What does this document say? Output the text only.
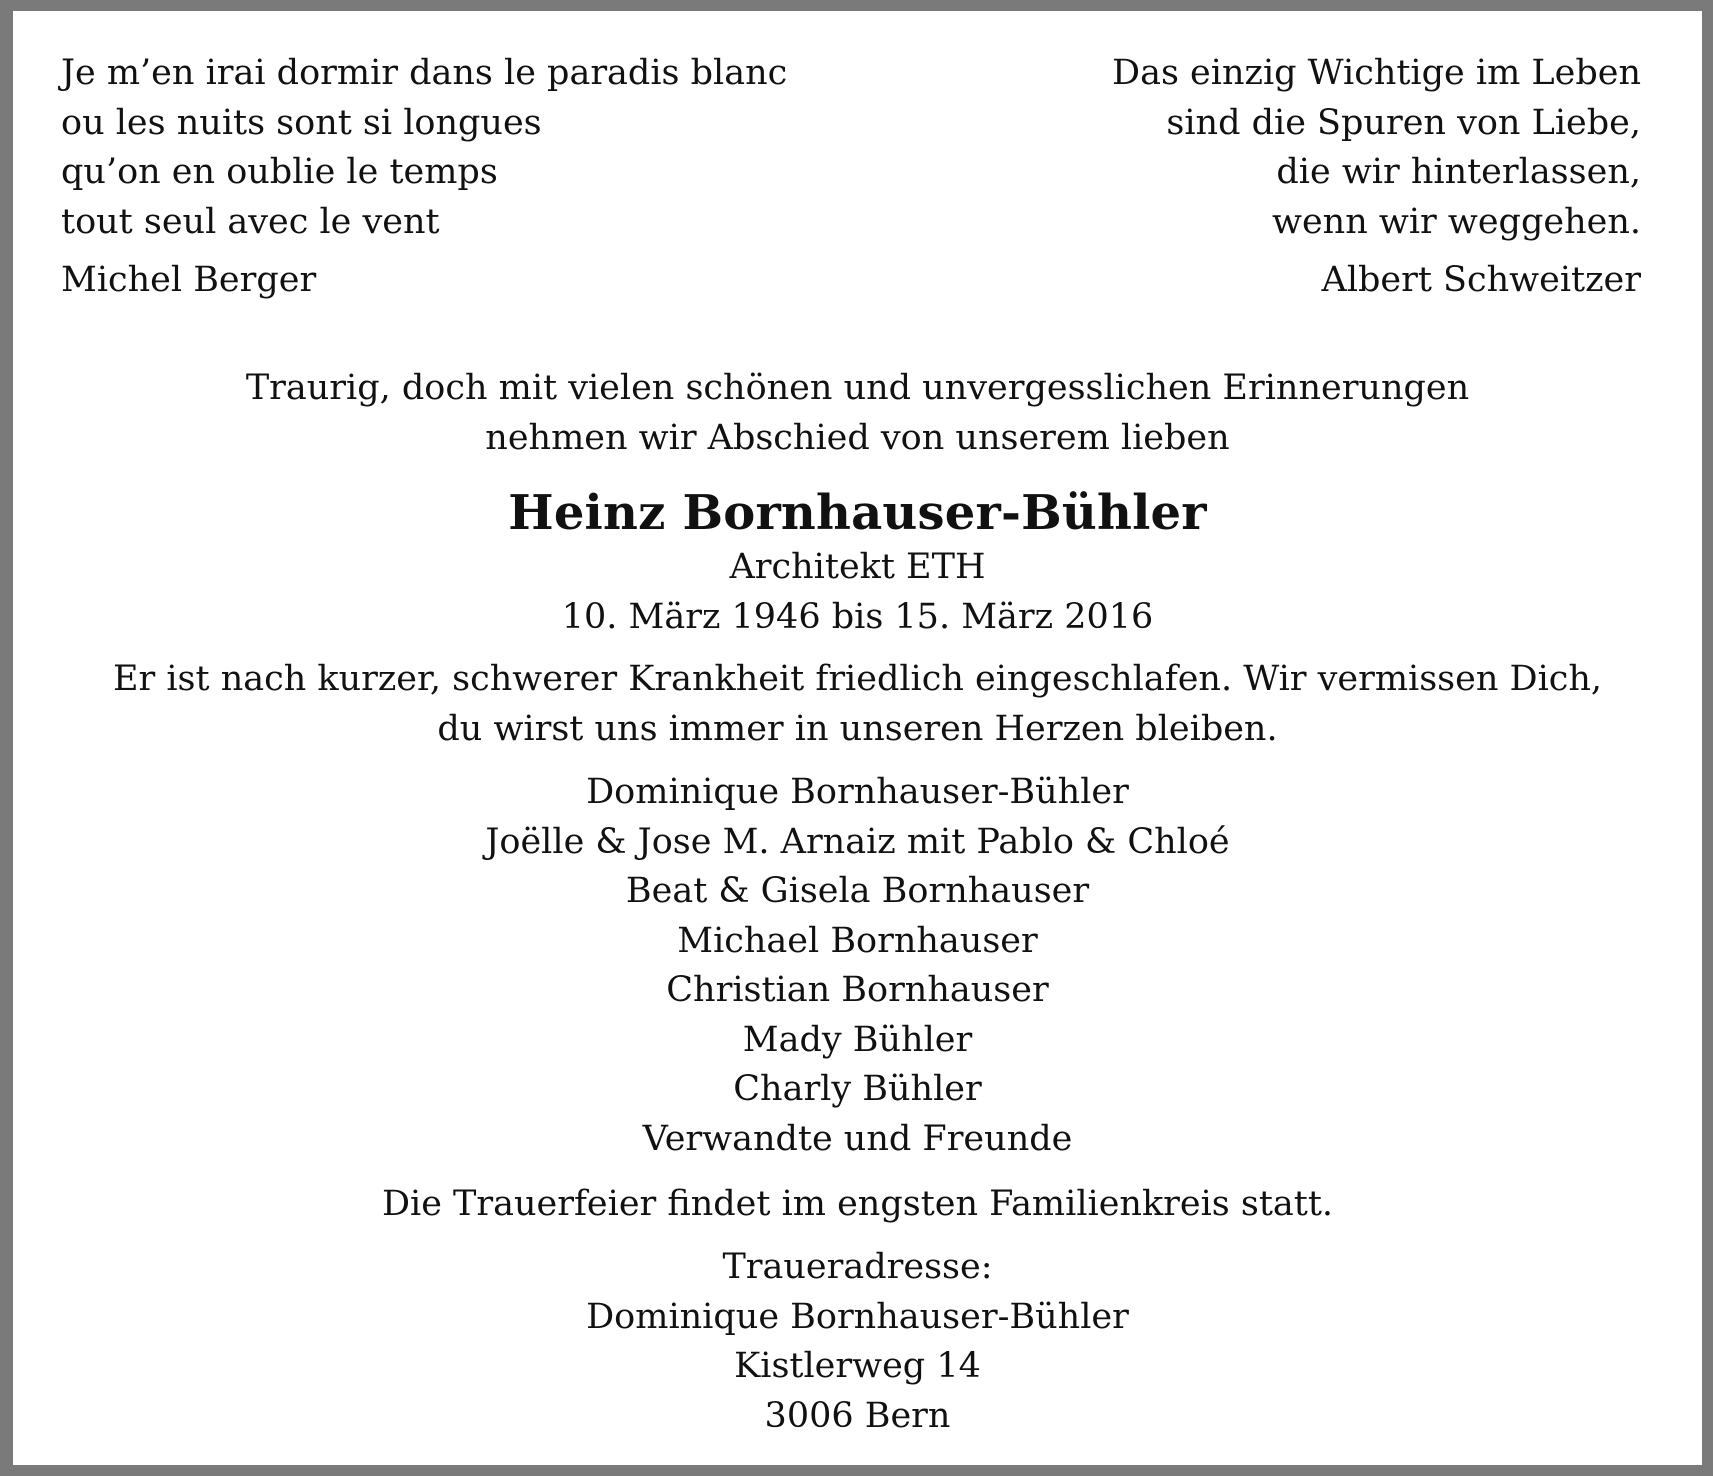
Je m’en irai dormir dans le paradis blanc
ou les nuits sont si longues
qu’on en oublie le temps
tout seul avec le vent
Michel Berger
Das einzig Wichtige im Leben
sind die Spuren von Liebe,
die wir hinterlassen,
wenn wir weggehen.
Albert Schweitzer
Traurig, doch mit vielen schönen und unvergesslichen Erinnerungen
nehmen wir Abschied von unserem lieben
Heinz Bornhauser-Bühler
Architekt ETH
10. März 1946 bis 15. März 2016
Er ist nach kurzer, schwerer Krankheit friedlich eingeschlafen. Wir vermissen Dich,
du wirst uns immer in unseren Herzen bleiben.
Dominique Bornhauser-Bühler
Joëlle & Jose M. Arnaiz mit Pablo & Chloé
Beat & Gisela Bornhauser
Michael Bornhauser
Christian Bornhauser
Mady Bühler
Charly Bühler
Verwandte und Freunde
Die Trauerfeier findet im engsten Familienkreis statt.
Traueradresse:
Dominique Bornhauser-Bühler
Kistlerweg 14
3006 Bern
